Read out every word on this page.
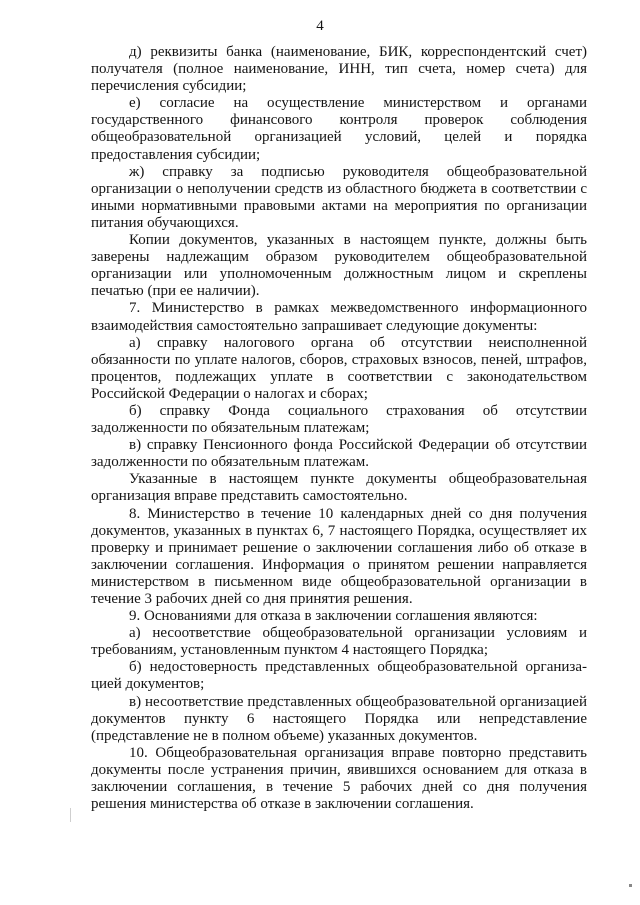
4

д) реквизиты банка (наименование, БИК, корреспондентский счет) получателя (полное наименование, ИНН, тип счета, номер счета) для перечисления субсидии;

е) согласие на осуществление министерством и органами государственного финансового контроля проверок соблюдения общеобразовательной организацией условий, целей и порядка предоставления субсидии;

ж) справку за подписью руководителя общеобразовательной организации о неполучении средств из областного бюджета в соответствии с иными нормативными правовыми актами на мероприятия по организации питания обучающихся.

Копии документов, указанных в настоящем пункте, должны быть заверены надлежащим образом руководителем общеобразовательной организации или уполномоченным должностным лицом и скреплены печатью (при ее наличии).

7. Министерство в рамках межведомственного информационного взаимодействия самостоятельно запрашивает следующие документы:

а) справку налогового органа об отсутствии неисполненной обязанности по уплате налогов, сборов, страховых взносов, пеней, штрафов, процентов, подлежащих уплате в соответствии с законодательством Российской Федерации о налогах и сборах;

б) справку Фонда социального страхования об отсутствии задолженности по обязательным платежам;

в) справку Пенсионного фонда Российской Федерации об отсутствии задолженности по обязательным платежам.

Указанные в настоящем пункте документы общеобразовательная организация вправе представить самостоятельно.

8. Министерство в течение 10 календарных дней со дня получения документов, указанных в пунктах 6, 7 настоящего Порядка, осуществляет их проверку и принимает решение о заключении соглашения либо об отказе в заключении соглашения. Информация о принятом решении направляется министерством в письменном виде общеобразовательной организации в течение 3 рабочих дней со дня принятия решения.

9. Основаниями для отказа в заключении соглашения являются:

а) несоответствие общеобразовательной организации условиям и требованиям, установленным пунктом 4 настоящего Порядка;

б) недостоверность представленных общеобразовательной организа-цией документов;

в) несоответствие представленных общеобразовательной организацией документов пункту 6 настоящего Порядка или непредставление (представление не в полном объеме) указанных документов.

10. Общеобразовательная организация вправе повторно представить документы после устранения причин, явившихся основанием для отказа в заключении соглашения, в течение 5 рабочих дней со дня получения решения министерства об отказе в заключении соглашения.
